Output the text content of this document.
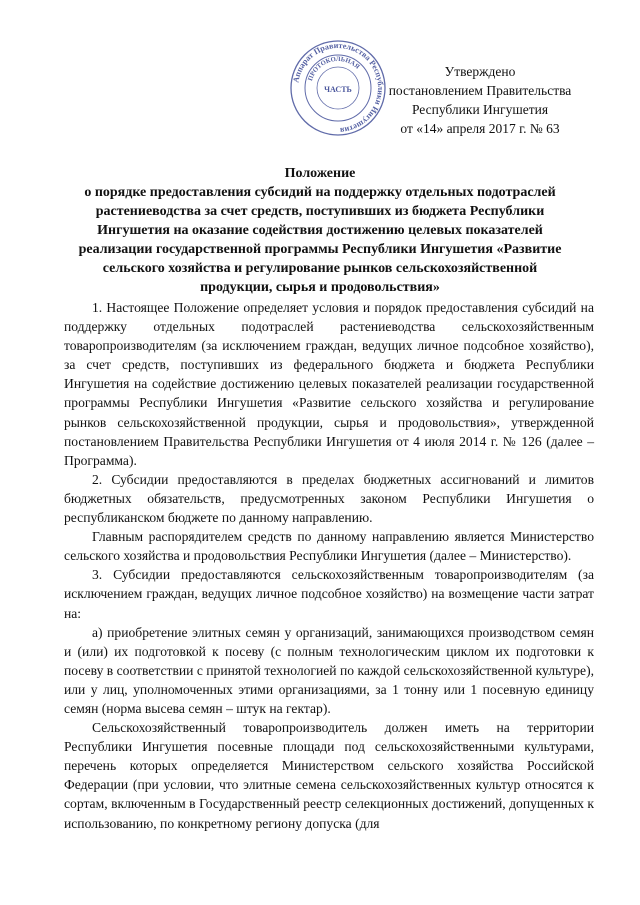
Аппарат Правительства Республики Ингушетия
ПРОТОКОЛЬНАЯ
ЧАСТЬ
Утверждено
постановлением Правительства
Республики Ингушетия
от «14» апреля 2017 г. № 63
Положение
о порядке предоставления субсидий на поддержку отдельных подотраслей
растениеводства за счет средств, поступивших из бюджета Республики
Ингушетия на оказание содействия достижению целевых показателей
реализации государственной программы Республики Ингушетия «Развитие
сельского хозяйства и регулирование рынков сельскохозяйственной
продукции, сырья и продовольствия»

1. Настоящее Положение определяет условия и порядок предоставления субсидий на поддержку отдельных подотраслей растениеводства сельскохозяйственным товаропроизводителям (за исключением граждан, ведущих личное подсобное хозяйство), за счет средств, поступивших из федерального бюджета и бюджета Республики Ингушетия на содействие достижению целевых показателей реализации государственной программы Республики Ингушетия «Развитие сельского хозяйства и регулирование рынков сельскохозяйственной продукции, сырья и продовольствия», утвержденной постановлением Правительства Республики Ингушетия от 4 июля 2014 г. № 126 (далее – Программа).

2. Субсидии предоставляются в пределах бюджетных ассигнований и лимитов бюджетных обязательств, предусмотренных законом Республики Ингушетия о республиканском бюджете по данному направлению.

Главным распорядителем средств по данному направлению является Министерство сельского хозяйства и продовольствия Республики Ингушетия (далее – Министерство).

3. Субсидии предоставляются сельскохозяйственным товаропроизводителям (за исключением граждан, ведущих личное подсобное хозяйство) на возмещение части затрат на:

а) приобретение элитных семян у организаций, занимающихся производством семян и (или) их подготовкой к посеву (с полным технологическим циклом их подготовки к посеву в соответствии с принятой технологией по каждой сельскохозяйственной культуре), или у лиц, уполномоченных этими организациями, за 1 тонну или 1 посевную единицу семян (норма высева семян – штук на гектар).

Сельскохозяйственный товаропроизводитель должен иметь на территории Республики Ингушетия посевные площади под сельскохозяйственными культурами, перечень которых определяется Министерством сельского хозяйства Российской Федерации (при условии, что элитные семена сельскохозяйственных культур относятся к сортам, включенным в Государственный реестр селекционных достижений, допущенных к использованию, по конкретному региону допуска (для
